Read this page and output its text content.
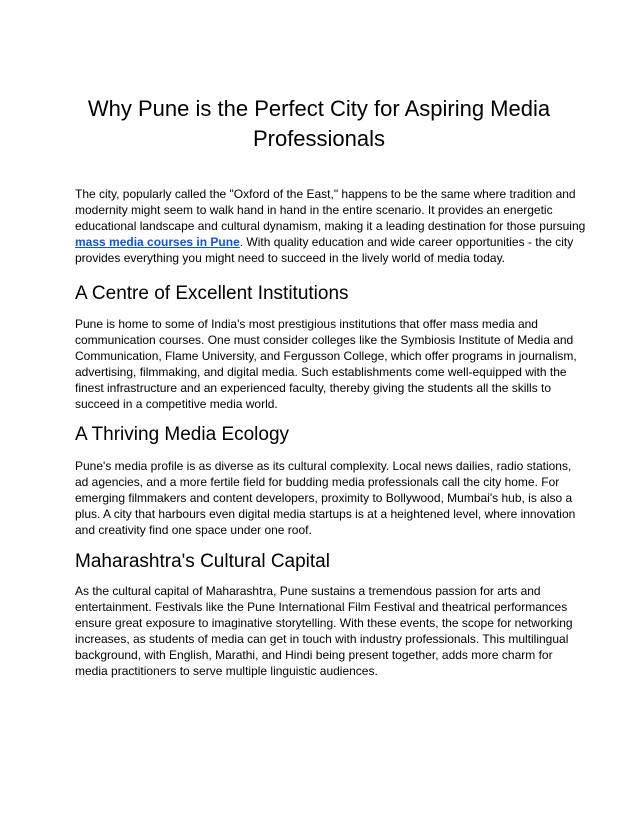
Why Pune is the Perfect City for Aspiring Media
Professionals
The city, popularly called the "Oxford of the East," happens to be the same where tradition and
modernity might seem to walk hand in hand in the entire scenario. It provides an energetic
educational landscape and cultural dynamism, making it a leading destination for those pursuing
mass media courses in Pune. With quality education and wide career opportunities - the city
provides everything you might need to succeed in the lively world of media today.
A Centre of Excellent Institutions
Pune is home to some of India's most prestigious institutions that offer mass media and
communication courses. One must consider colleges like the Symbiosis Institute of Media and
Communication, Flame University, and Fergusson College, which offer programs in journalism,
advertising, filmmaking, and digital media. Such establishments come well-equipped with the
finest infrastructure and an experienced faculty, thereby giving the students all the skills to
succeed in a competitive media world.
A Thriving Media Ecology
Pune's media profile is as diverse as its cultural complexity. Local news dailies, radio stations,
ad agencies, and a more fertile field for budding media professionals call the city home. For
emerging filmmakers and content developers, proximity to Bollywood, Mumbai's hub, is also a
plus. A city that harbours even digital media startups is at a heightened level, where innovation
and creativity find one space under one roof.
Maharashtra's Cultural Capital
As the cultural capital of Maharashtra, Pune sustains a tremendous passion for arts and
entertainment. Festivals like the Pune International Film Festival and theatrical performances
ensure great exposure to imaginative storytelling. With these events, the scope for networking
increases, as students of media can get in touch with industry professionals. This multilingual
background, with English, Marathi, and Hindi being present together, adds more charm for
media practitioners to serve multiple linguistic audiences.
